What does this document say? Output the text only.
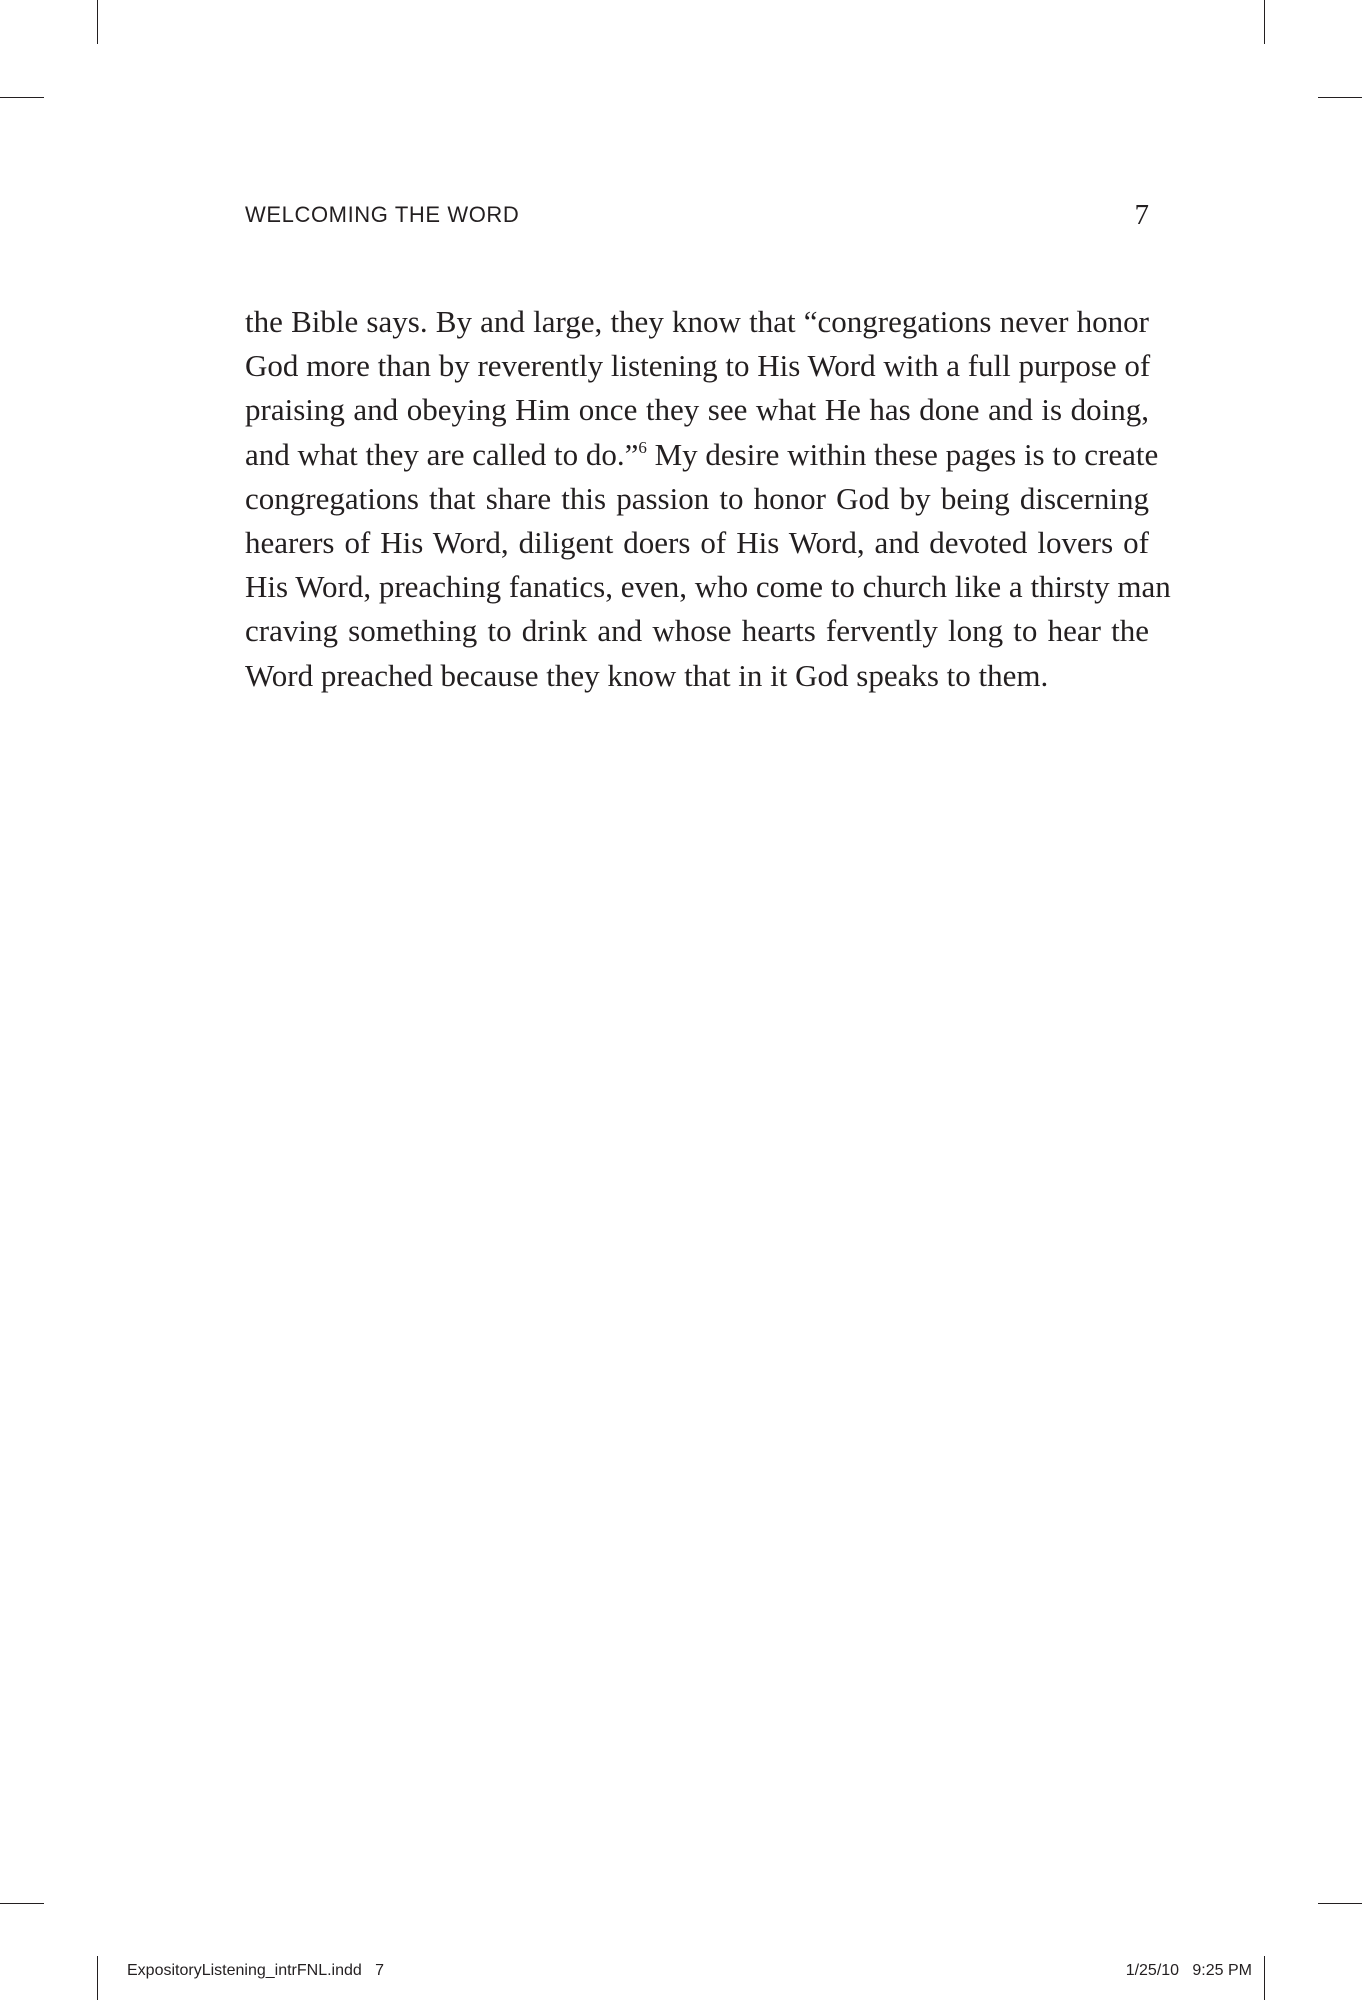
WELCOMING THE WORD	7
the Bible says. By and large, they know that “congregations never honor
God more than by reverently listening to His Word with a full purpose of
praising and obeying Him once they see what He has done and is doing,
and what they are called to do.”$^6$ My desire within these pages is to create
congregations that share this passion to honor God by being discerning
hearers of His Word, diligent doers of His Word, and devoted lovers of
His Word, preaching fanatics, even, who come to church like a thirsty man
craving something to drink and whose hearts fervently long to hear the
Word preached because they know that in it God speaks to them.
ExpositoryListening_intrFNL.indd   7	1/25/10   9:25 PM
